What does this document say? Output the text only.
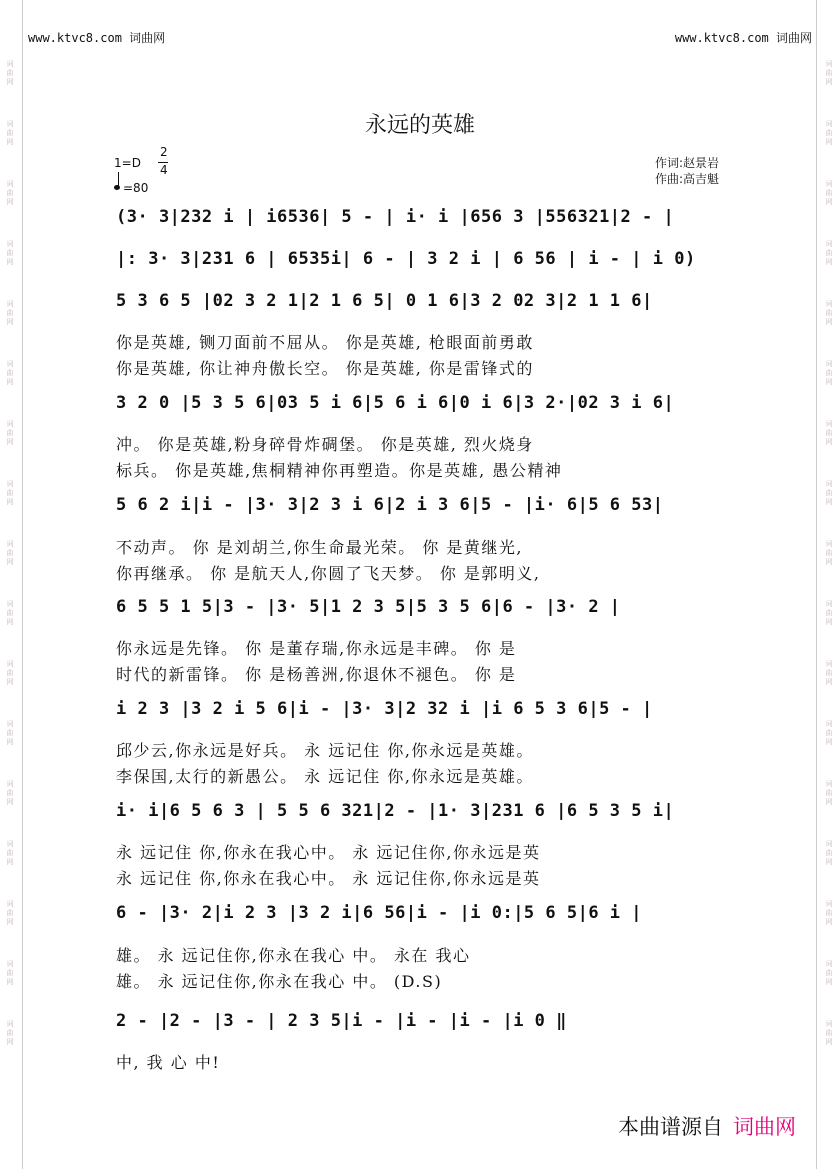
www.ktvc8.com 词曲网	www.ktvc8.com 词曲网
词
曲
网
词
曲
网
词
曲
网
词
曲
网
词
曲
网
词
曲
网
词
曲
网
词
曲
网
词
曲
网
词
曲
网
词
曲
网
词
曲
网
词
曲
网
词
曲
网
词
曲
网
词
曲
网
词
曲
网
词
曲
网
词
曲
网
词
曲
网
词
曲
网
词
曲
网
词
曲
网
词
曲
网
词
曲
网
词
曲
网
词
曲
网
词
曲
网
词
曲
网
词
曲
网
词
曲
网
词
曲
网
词
曲
网
词
曲
网
永远的英雄
1=D
2
4
=80
作词:赵景岩
作曲:高吉魁
(3· 3|232 i | i6536| 5 - | i· i |656 3 |556321|2 - |
|: 3· 3|231 6 | 6535i| 6 - | 3 2 i | 6 56 | i - | i 0)
5 3 6 5 |02 3 2 1|2 1 6 5| 0 1 6|3 2 02 3|2 1 1 6|
你是英雄, 铡刀面前不屈从。 你是英雄, 枪眼面前勇敢
你是英雄, 你让神舟傲长空。 你是英雄, 你是雷锋式的
3 2 0 |5 3 5 6|03 5 i 6|5 6 i 6|0 i 6|3 2·|02 3 i 6|
冲。 你是英雄,粉身碎骨炸碉堡。 你是英雄, 烈火烧身
标兵。 你是英雄,焦桐精神你再塑造。你是英雄, 愚公精神
5 6 2 i|i - |3· 3|2 3 i 6|2 i 3 6|5 - |i· 6|5 6 53|
不动声。 你 是刘胡兰,你生命最光荣。 你 是黄继光,
你再继承。 你 是航天人,你圆了飞天梦。 你 是郭明义,
6 5 5 1 5|3 - |3· 5|1 2 3 5|5 3 5 6|6 - |3· 2 |
你永远是先锋。 你 是董存瑞,你永远是丰碑。 你 是
时代的新雷锋。 你 是杨善洲,你退休不褪色。 你 是
i 2 3 |3 2 i 5 6|i - |3· 3|2 32 i |i 6 5 3 6|5 - |
邱少云,你永远是好兵。 永 远记住 你,你永远是英雄。
李保国,太行的新愚公。 永 远记住 你,你永远是英雄。
i· i|6 5 6 3 | 5 5 6 321|2 - |1· 3|231 6 |6 5 3 5 i|
永 远记住 你,你永在我心中。 永 远记住你,你永远是英
永 远记住 你,你永在我心中。 永 远记住你,你永远是英
6 - |3· 2|i 2 3 |3 2 i|6 56|i - |i 0:|5 6 5|6 i |
雄。 永 远记住你,你永在我心 中。 永在 我心
雄。 永 远记住你,你永在我心 中。 (D.S)
2 - |2 - |3 - | 2 3 5|i - |i - |i - |i 0 ‖
中, 我 心 中!
本曲谱源自 词曲网
